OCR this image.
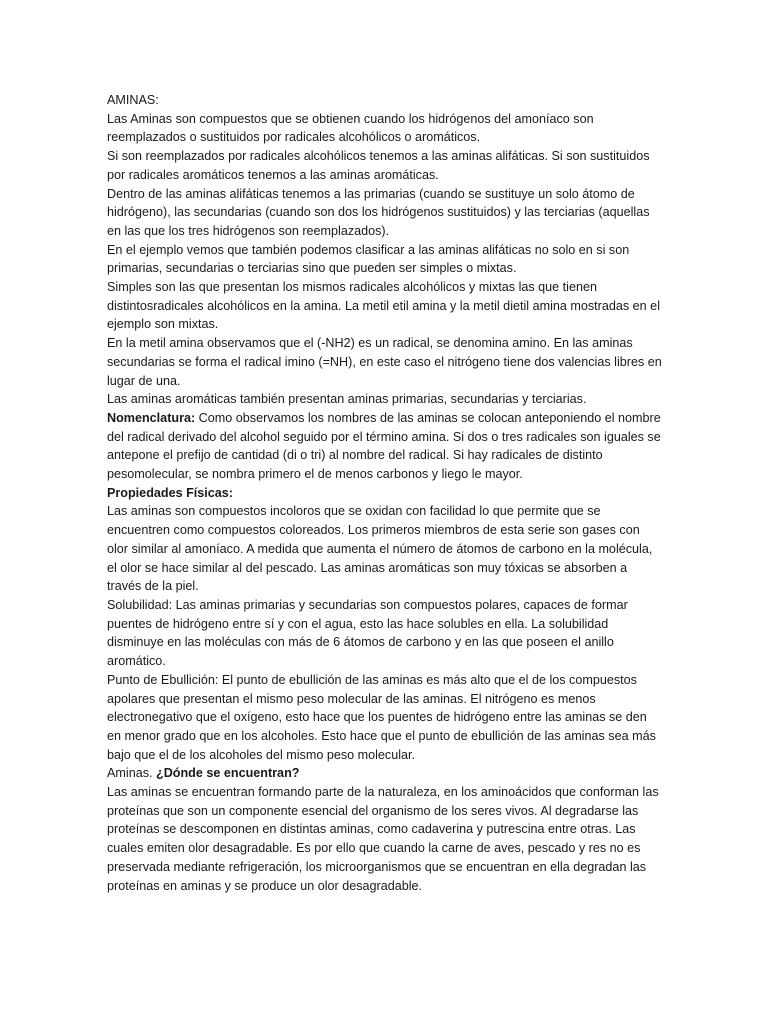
AMINAS:

Las Aminas son compuestos que se obtienen cuando los hidrógenos del amoníaco son reemplazados o sustituidos por radicales alcohólicos o aromáticos.

Si son reemplazados por radicales alcohólicos tenemos a las aminas alifáticas. Si son sustituidos por radicales aromáticos tenemos a las aminas aromáticas.

Dentro de las aminas alifáticas tenemos a las primarias (cuando se sustituye un solo átomo de hidrógeno), las secundarias (cuando son dos los hidrógenos sustituidos) y las terciarias (aquellas en las que los tres hidrógenos son reemplazados).

En el ejemplo vemos que también podemos clasificar a las aminas alifáticas no solo en si son primarias, secundarias o terciarias sino que pueden ser simples o mixtas.

Simples son las que presentan los mismos radicales alcohólicos y mixtas las que tienen distintosradicales alcohólicos en la amina. La metil etil amina y la metil dietil amina mostradas en el ejemplo son mixtas.

En la metil amina observamos que el (-NH2) es un radical, se denomina amino. En las aminas secundarias se forma el radical imino (=NH), en este caso el nitrógeno tiene dos valencias libres en lugar de una.

Las aminas aromáticas también presentan aminas primarias, secundarias y terciarias.

Nomenclatura: Como observamos los nombres de las aminas se colocan anteponiendo el nombre del radical derivado del alcohol seguido por el término amina. Si dos o tres radicales son iguales se antepone el prefijo de cantidad (di o tri) al nombre del radical. Si hay radicales de distinto pesomolecular, se nombra primero el de menos carbonos y liego le mayor.

Propiedades Físicas:

Las aminas son compuestos incoloros que se oxidan con facilidad lo que permite que se encuentren como compuestos coloreados. Los primeros miembros de esta serie son gases con olor similar al amoníaco. A medida que aumenta el número de átomos de carbono en la molécula, el olor se hace similar al del pescado. Las aminas aromáticas son muy tóxicas se absorben a través de la piel.

Solubilidad: Las aminas primarias y secundarias son compuestos polares, capaces de formar puentes de hidrógeno entre sí y con el agua, esto las hace solubles en ella. La solubilidad disminuye en las moléculas con más de 6 átomos de carbono y en las que poseen el anillo aromático.

Punto de Ebullición: El punto de ebullición de las aminas es más alto que el de los compuestos apolares que presentan el mismo peso molecular de las aminas. El nitrógeno es menos electronegativo que el oxígeno, esto hace que los puentes de hidrógeno entre las aminas se den en menor grado que en los alcoholes. Esto hace que el punto de ebullición de las aminas sea más bajo que el de los alcoholes del mismo peso molecular.

Aminas. ¿Dónde se encuentran?

Las aminas se encuentran formando parte de la naturaleza, en los aminoácidos que conforman las proteínas que son un componente esencial del organismo de los seres vivos. Al degradarse las proteínas se descomponen en distintas aminas, como cadaverina y putrescina entre otras. Las cuales emiten olor desagradable. Es por ello que cuando la carne de aves, pescado y res no es preservada mediante refrigeración, los microorganismos que se encuentran en ella degradan las proteínas en aminas y se produce un olor desagradable.
